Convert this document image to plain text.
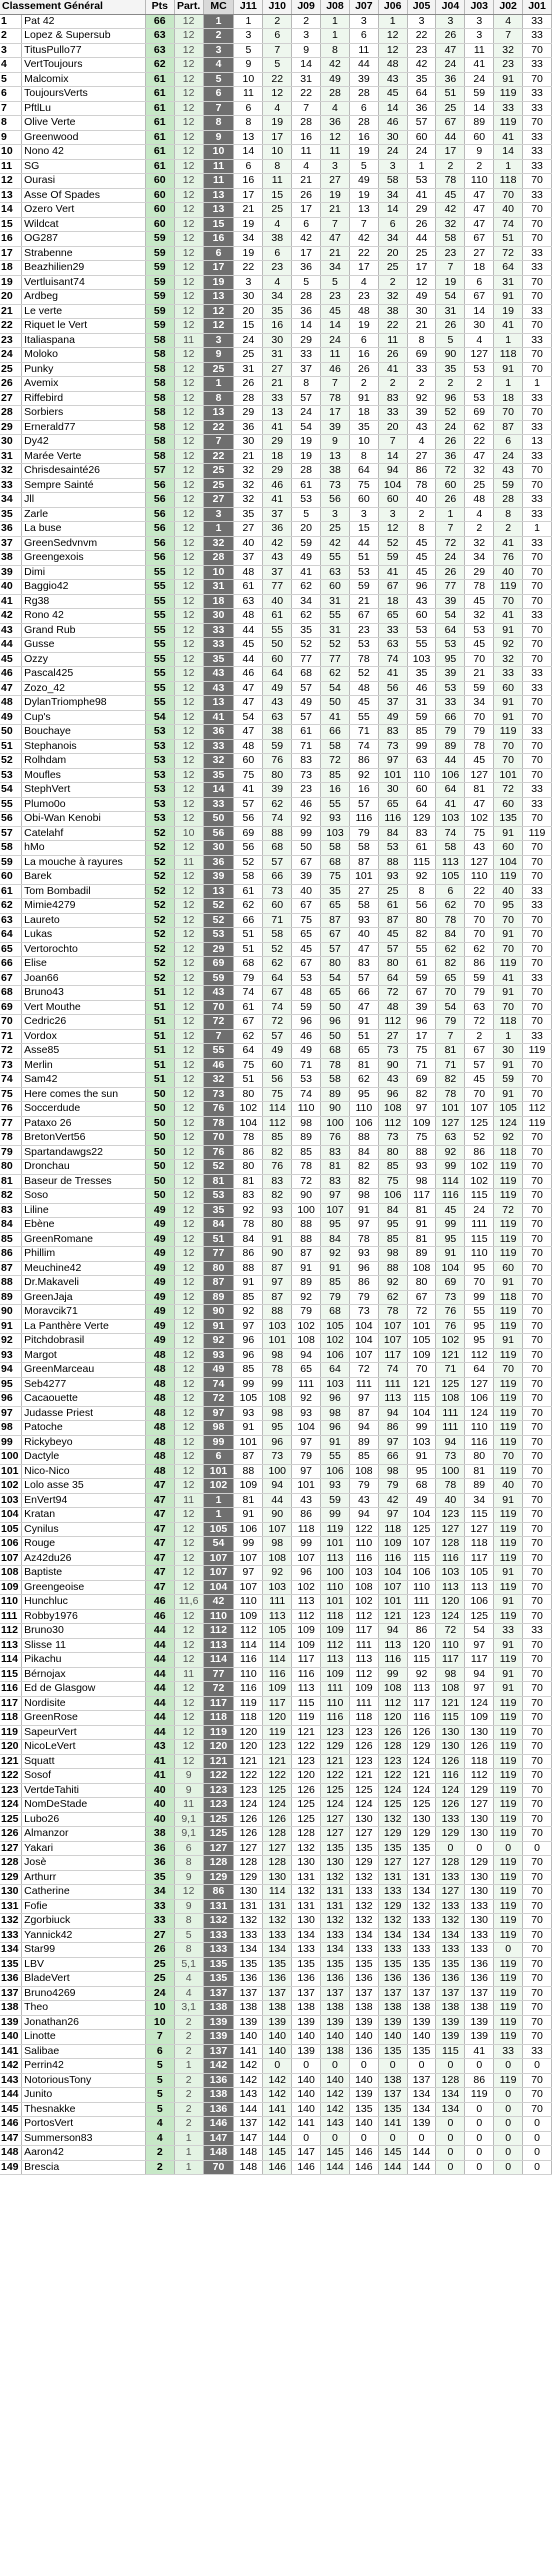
Classement Général		Pts	Part.	MC	J11	J10	J09	J08	J07	J06	J05	J04	J03	J02	J01
1	Pat 42	66	12	1	1	2	2	1	3	1	3	3	3	4	33
2	Lopez & Supersub	63	12	2	3	6	3	1	6	12	22	26	3	7	33
3	TitusPullo77	63	12	3	5	7	9	8	11	12	23	47	11	32	70
4	VertToujours	62	12	4	9	5	14	42	44	48	42	24	41	23	33
5	Malcomix	61	12	5	10	22	31	49	39	43	35	36	24	91	70
6	ToujoursVerts	61	12	6	11	12	22	28	28	45	64	51	59	119	33
7	PftlLu	61	12	7	6	4	7	4	6	14	36	25	14	33	33
8	Olive Verte	61	12	8	8	19	28	36	28	46	57	67	89	119	70
9	Greenwood	61	12	9	13	17	16	12	16	30	60	44	60	41	33
10	Nono 42	61	12	10	14	10	11	11	19	24	24	17	9	14	33
11	SG	61	12	11	6	8	4	3	5	3	1	2	2	1	33
12	Ourasi	60	12	11	16	11	21	27	49	58	53	78	110	118	70
13	Asse Of Spades	60	12	13	17	15	26	19	19	34	41	45	47	70	33
14	Ozero Vert	60	12	13	21	25	17	21	13	14	29	42	47	40	70
15	Wildcat	60	12	15	19	4	6	7	7	6	26	32	47	74	70
16	OG287	59	12	16	34	38	42	47	42	34	44	58	67	51	70
17	Strabenne	59	12	6	19	6	17	21	22	20	25	23	27	72	33
18	Beazhilien29	59	12	17	22	23	36	34	17	25	17	7	18	64	33
19	Vertluisant74	59	12	19	3	4	5	5	4	2	12	19	6	31	70
20	Ardbeg	59	12	13	30	34	28	23	23	32	49	54	67	91	70
21	Le verte	59	12	12	20	35	36	45	48	38	30	31	14	19	33
22	Riquet le Vert	59	12	12	15	16	14	14	19	22	21	26	30	41	70
23	Italiaspana	58	11	3	24	30	29	24	6	11	8	5	4	1	33
24	Moloko	58	12	9	25	31	33	11	16	26	69	90	127	118	70
25	Punky	58	12	25	31	27	37	46	26	41	33	35	53	91	70
26	Avemix	58	12	1	26	21	8	7	2	2	2	2	2	1	1
27	Riffebird	58	12	8	28	33	57	78	91	83	92	96	53	18	33
28	Sorbiers	58	12	13	29	13	24	17	18	33	39	52	69	70	70
29	Ernerald77	58	12	22	36	41	54	39	35	20	43	24	62	87	33
30	Dy42	58	12	7	30	29	19	9	10	7	4	26	22	6	13
31	Marée Verte	58	12	22	21	18	19	13	8	14	27	36	47	24	33
32	Chrisdesainté26	57	12	25	32	29	28	38	64	94	86	72	32	43	70
33	Sempre Sainté	56	12	25	32	46	61	73	75	104	78	60	25	59	70
34	Jll	56	12	27	32	41	53	56	60	60	40	26	48	28	33
35	Zarle	56	12	3	35	37	5	3	3	3	2	1	4	8	33
36	La buse	56	12	1	27	36	20	25	15	12	8	7	2	2	1
37	GreenSedvnvm	56	12	32	40	42	59	42	44	52	45	72	32	41	33
38	Greengexois	56	12	28	37	43	49	55	51	59	45	24	34	76	70
39	Dimi	55	12	10	48	37	41	63	53	41	45	26	29	40	70
40	Baggio42	55	12	31	61	77	62	60	59	67	96	77	78	119	70
41	Rg38	55	12	18	63	40	34	31	21	18	43	39	45	70	70
42	Rono 42	55	12	30	48	61	62	55	67	65	60	54	32	41	33
43	Grand Rub	55	12	33	44	55	35	31	23	33	53	64	53	91	70
44	Gusse	55	12	33	45	50	52	52	53	63	55	53	45	92	70
45	Ozzy	55	12	35	44	60	77	77	78	74	103	95	70	32	70
46	Pascal425	55	12	43	46	64	68	62	52	41	35	39	21	33	33
47	Zozo_42	55	12	43	47	49	57	54	48	56	46	53	59	60	33
48	DylanTriomphe98	55	12	13	47	43	49	50	45	37	31	33	34	91	70
49	Cup's	54	12	41	54	63	57	41	55	49	59	66	70	91	70
50	Bouchaye	53	12	36	47	38	61	66	71	83	85	79	79	119	33
51	Stephanois	53	12	33	48	59	71	58	74	73	99	89	78	70	70
52	Rolhdam	53	12	32	60	76	83	72	86	97	63	44	45	70	70
53	Moufles	53	12	35	75	80	73	85	92	101	110	106	127	101	70
54	StephVert	53	12	14	41	39	23	16	16	30	60	64	81	72	33
55	Plumo0o	53	12	33	57	62	46	55	57	65	64	41	47	60	33
56	Obi-Wan Kenobi	53	12	50	56	74	92	93	116	116	129	103	102	135	70
57	Catelahf	52	10	56	69	88	99	103	79	84	83	74	75	91	119
58	hMo	52	12	30	56	68	50	58	58	53	61	58	43	60	70
59	La mouche à rayures	52	11	36	52	57	67	68	87	88	115	113	127	104	70
60	Barek	52	12	39	58	66	39	75	101	93	92	105	110	119	70
61	Tom Bombadil	52	12	13	61	73	40	35	27	25	8	6	22	40	33
62	Mimie4279	52	12	52	62	60	67	65	58	61	56	62	70	95	33
63	Laureto	52	12	52	66	71	75	87	93	87	80	78	70	70	70
64	Lukas	52	12	53	51	58	65	67	40	45	82	84	70	91	70
65	Vertorochto	52	12	29	51	52	45	57	47	57	55	62	62	70	70
66	Elise	52	12	69	68	62	67	80	83	80	61	82	86	119	70
67	Joan66	52	12	59	79	64	53	54	57	64	59	65	59	41	33
68	Bruno43	51	12	43	74	67	48	65	66	72	67	70	79	91	70
69	Vert Mouthe	51	12	70	61	74	59	50	47	48	39	54	63	70	70
70	Cedric26	51	12	72	67	72	96	96	91	112	96	79	72	118	70
71	Vordox	51	12	7	62	57	46	50	51	27	17	7	2	1	33
72	Asse85	51	12	55	64	49	49	68	65	73	75	81	67	30	119
73	Merlin	51	12	46	75	60	71	78	81	90	71	71	57	91	70
74	Sam42	51	12	32	51	56	53	58	62	43	69	82	45	59	70
75	Here comes the sun	50	12	73	80	75	74	89	95	96	82	78	70	91	70
76	Soccerdude	50	12	76	102	114	110	90	110	108	97	101	107	105	112
77	Pataxo 26	50	12	78	104	112	98	100	106	112	109	127	125	124	119
78	BretonVert56	50	12	70	78	85	89	76	88	73	75	63	52	92	70
79	Spartandawgs22	50	12	76	86	82	85	83	84	80	88	92	86	118	70
80	Dronchau	50	12	52	80	76	78	81	82	85	93	99	102	119	70
81	Baseur de Tresses	50	12	81	81	83	72	83	82	75	98	114	102	119	70
82	Soso	50	12	53	83	82	90	97	98	106	117	116	115	119	70
83	Liline	49	12	35	92	93	100	107	91	84	81	45	24	72	70
84	Ebène	49	12	84	78	80	88	95	97	95	91	99	111	119	70
85	GreenRomane	49	12	51	84	91	88	84	78	85	81	95	115	119	70
86	Phillim	49	12	77	86	90	87	92	93	98	89	91	110	119	70
87	Meuchine42	49	12	80	88	87	91	91	96	88	108	104	95	60	70
88	Dr.Makaveli	49	12	87	91	97	89	85	86	92	80	69	70	91	70
89	GreenJaja	49	12	89	85	87	92	79	79	62	67	73	99	118	70
90	Moravcik71	49	12	90	92	88	79	68	73	78	72	76	55	119	70
91	La Panthère Verte	49	12	91	97	103	102	105	104	107	101	76	95	119	70
92	Pitchdobrasil	49	12	92	96	101	108	102	104	107	105	102	95	91	70
93	Margot	48	12	93	96	98	94	106	107	117	109	121	112	119	70
94	GreenMarceau	48	12	49	85	78	65	64	72	74	70	71	64	70	70
95	Seb4277	48	12	74	99	99	111	103	111	111	121	125	127	119	70
96	Cacaouette	48	12	72	105	108	92	96	97	113	115	108	106	119	70
97	Judasse Priest	48	12	97	93	98	93	98	87	94	104	111	124	119	70
98	Patoche	48	12	98	91	95	104	96	94	86	99	111	110	119	70
99	Rickybeyo	48	12	99	101	96	97	91	89	97	103	94	116	119	70
100	Dactyle	48	12	6	87	73	79	55	85	66	91	73	80	70	70
101	Nico-Nico	48	12	101	88	100	97	106	108	98	95	100	81	119	70
102	Lolo asse 35	47	12	102	109	94	101	93	79	79	68	78	89	40	70
103	EnVert94	47	11	1	81	44	43	59	43	42	49	40	34	91	70
104	Kratan	47	12	1	91	90	86	99	94	97	104	123	115	119	70
105	Cynilus	47	12	105	106	107	118	119	122	118	125	127	127	119	70
106	Rouge	47	12	54	99	98	99	101	110	109	107	128	118	119	70
107	Az42du26	47	12	107	107	108	107	113	116	116	115	116	117	119	70
108	Baptiste	47	12	107	97	92	96	100	103	104	106	103	105	91	70
109	Greengeoise	47	12	104	107	103	102	110	108	107	110	113	113	119	70
110	Hunchluc	46	11,6	42	110	111	113	101	102	101	111	120	106	91	70
111	Robby1976	46	12	110	109	113	112	118	112	121	123	124	125	119	70
112	Bruno30	44	12	112	112	105	109	109	117	94	86	72	54	33	33
113	Slisse 11	44	12	113	114	114	109	112	111	113	120	110	97	91	70
114	Pikachu	44	12	114	116	114	117	113	113	116	115	117	117	119	70
115	Bérnojax	44	11	77	110	116	116	109	112	99	92	98	94	91	70
116	Ed de Glasgow	44	12	72	116	109	113	111	109	108	113	108	97	91	70
117	Nordisite	44	12	117	119	117	115	110	111	112	117	121	124	119	70
118	GreenRose	44	12	118	118	120	119	116	118	120	116	115	109	119	70
119	SapeurVert	44	12	119	120	119	121	123	123	126	126	130	130	119	70
120	NicoLeVert	43	12	120	120	123	122	129	126	128	129	130	126	119	70
121	Squatt	41	12	121	121	121	123	121	123	123	124	126	118	119	70
122	Sosof	41	9	122	122	122	120	122	121	122	121	116	112	119	70
123	VertdeTahiti	40	9	123	123	125	126	125	125	124	124	124	129	119	70
124	NomDeStade	40	11	123	124	124	125	124	124	125	125	126	127	119	70
125	Lubo26	40	9,1	125	126	126	125	127	130	132	130	133	130	119	70
126	Almanzor	38	9,1	125	126	128	128	127	127	129	129	129	130	119	70
127	Yakari	36	6	127	127	127	132	135	135	135	135	0	0	0	0
128	Josè	36	8	128	128	128	130	130	129	127	127	128	129	119	70
129	Arthurr	35	9	129	129	130	131	132	132	131	131	133	130	119	70
130	Catherine	34	12	86	130	114	132	131	133	133	134	127	130	119	70
131	Fofie	33	9	131	131	131	131	131	132	129	132	133	133	119	70
132	Zgorbiuck	33	8	132	132	132	130	132	132	132	133	132	130	119	70
133	Yannick42	27	5	133	133	133	134	133	134	134	134	134	133	119	70
134	Star99	26	8	133	134	134	133	134	133	133	133	133	133	0	70
135	LBV	25	5,1	135	135	135	135	135	135	135	135	135	136	119	70
136	BladeVert	25	4	135	136	136	136	136	136	136	136	136	136	119	70
137	Bruno4269	24	4	137	137	137	137	137	137	137	137	137	137	119	70
138	Theo	10	3,1	138	138	138	138	138	138	138	138	138	138	119	70
139	Jonathan26	10	2	139	139	139	139	139	139	139	139	139	139	119	70
140	Linotte	7	2	139	140	140	140	140	140	140	140	139	139	119	70
141	Salibae	6	2	137	141	140	139	138	136	135	135	115	41	33	33
142	Perrin42	5	1	142	142	0	0	0	0	0	0	0	0	0	0
143	NotoriousTony	5	2	136	142	142	140	140	140	138	137	128	86	119	70
144	Junito	5	2	138	143	142	140	142	139	137	134	134	119	0	70
145	Thesnakke	5	2	136	144	141	140	142	135	135	134	134	0	0	70
146	PortosVert	4	2	146	137	142	141	143	140	141	139	0	0	0	0
147	Summerson83	4	1	147	147	144	0	0	0	0	0	0	0	0	0
148	Aaron42	2	1	148	148	145	147	145	146	145	144	0	0	0	0
149	Brescia	2	1	70	148	146	146	144	146	144	144	0	0	0	0
